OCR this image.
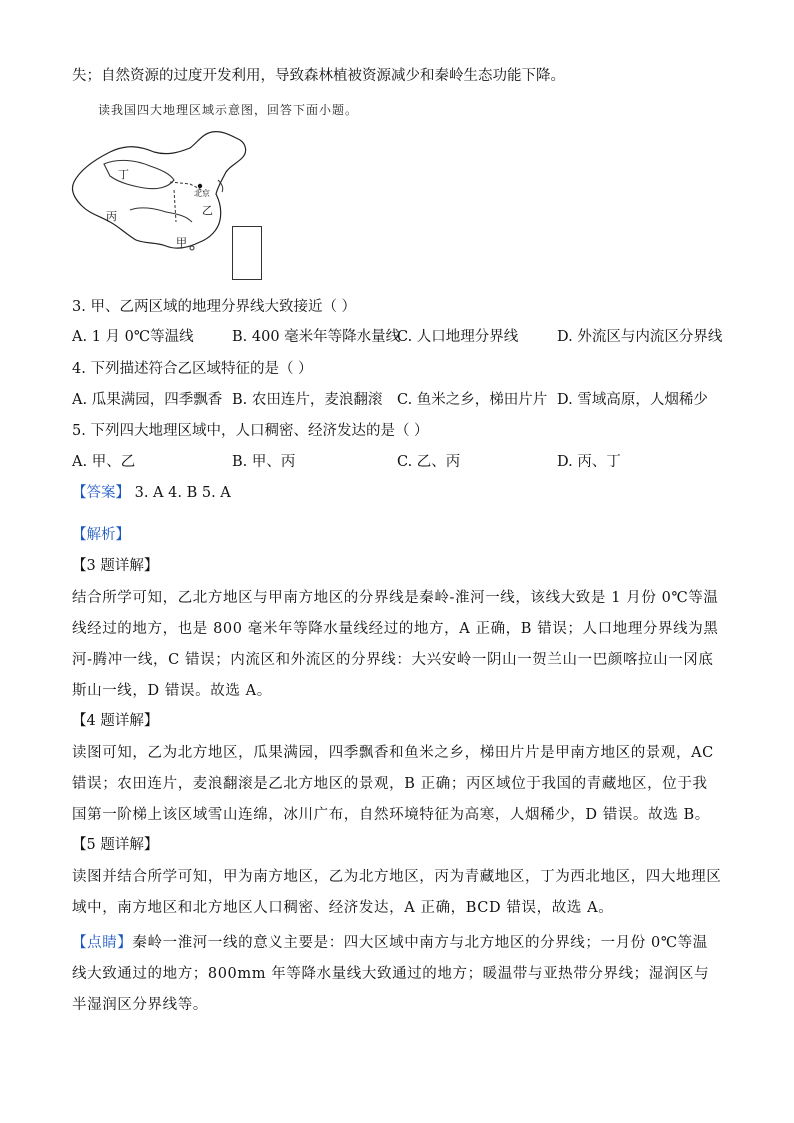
失；自然资源的过度开发利用，导致森林植被资源减少和秦岭生态功能下降。
读我国四大地理区域示意图，回答下面小题。
丁
丙
北京
乙
甲
3. 甲、乙两区域的地理分界线大致接近（ ）
A. 1 月 0℃等温线	B. 400 毫米年等降水量线
C. 人口地理分界线	D. 外流区与内流区分界线
4. 下列描述符合乙区域特征的是（ ）
A. 瓜果满园，四季飘香 B. 农田连片，麦浪翻滚 C. 鱼米之乡，梯田片片 D. 雪域高原，人烟稀少
5. 下列四大地理区域中，人口稠密、经济发达的是（ ）
A. 甲、乙	B. 甲、丙	C. 乙、丙	D. 丙、丁
【答案】 3. A 4. B 5. A
【解析】
【3 题详解】
结合所学可知，乙北方地区与甲南方地区的分界线是秦岭-淮河一线，该线大致是 1 月份 0℃等温线经过的地方，也是 800 毫米年等降水量线经过的地方，A 正确，B 错误；人口地理分界线为黑河-腾冲一线，C 错误；内流区和外流区的分界线：大兴安岭一阴山一贺兰山一巴颜喀拉山一冈底斯山一线，D 错误。故选 A。
【4 题详解】
读图可知，乙为北方地区，瓜果满园，四季飘香和鱼米之乡，梯田片片是甲南方地区的景观，AC 错误；农田连片，麦浪翻滚是乙北方地区的景观，B 正确；丙区域位于我国的青藏地区，位于我国第一阶梯上该区域雪山连绵，冰川广布，自然环境特征为高寒，人烟稀少，D 错误。故选 B。
【5 题详解】
读图并结合所学可知，甲为南方地区，乙为北方地区，丙为青藏地区，丁为西北地区，四大地理区域中，南方地区和北方地区人口稠密、经济发达，A 正确，BCD 错误，故选 A。
【点睛】秦岭一淮河一线的意义主要是：四大区域中南方与北方地区的分界线；一月份 0℃等温线大致通过的地方；800mm 年等降水量线大致通过的地方；暖温带与亚热带分界线；湿润区与半湿润区分界线等。
